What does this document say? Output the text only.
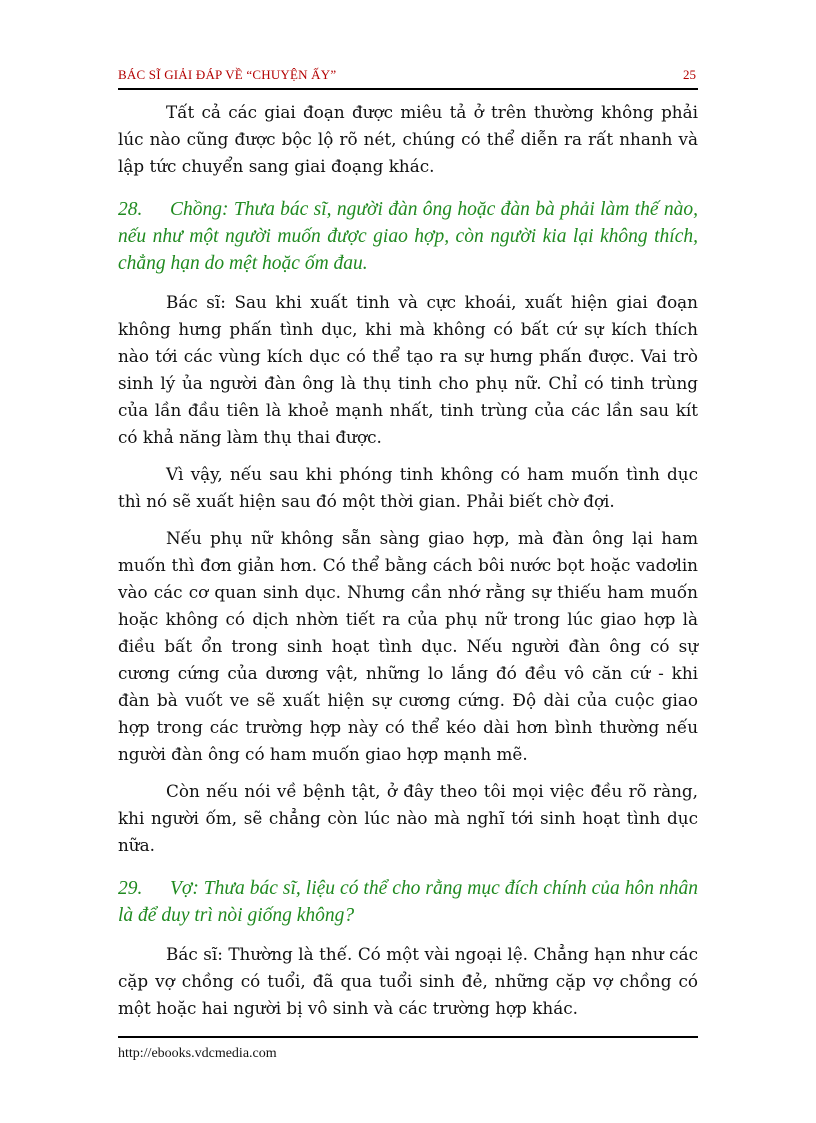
BÁC SĨ GIẢI ĐÁP VỀ “CHUYỆN ẤY”	25

Tất cả các giai đoạn được miêu tả ở trên thường không phải lúc nào cũng được bộc lộ rõ nét, chúng có thể diễn ra rất nhanh và lập tức chuyển sang giai đoạng khác.

28. Chồng: Thưa bác sĩ, người đàn ông hoặc đàn bà phải làm thế nào, nếu như một người muốn được giao hợp, còn người kia lại không thích, chẳng hạn do mệt hoặc ốm đau.

Bác sĩ: Sau khi xuất tinh và cực khoái, xuất hiện giai đoạn không hưng phấn tình dục, khi mà không có bất cứ sự kích thích nào tới các vùng kích dục có thể tạo ra sự hưng phấn được. Vai trò sinh lý ủa người đàn ông là thụ tinh cho phụ nữ. Chỉ có tinh trùng của lần đầu tiên là khoẻ mạnh nhất, tinh trùng của các lần sau kít có khả năng làm thụ thai được.

Vì vậy, nếu sau khi phóng tinh không có ham muốn tình dục thì nó sẽ xuất hiện sau đó một thời gian. Phải biết chờ đợi.

Nếu phụ nữ không sẵn sàng giao hợp, mà đàn ông lại ham muốn thì đơn giản hơn. Có thể bằng cách bôi nước bọt hoặc vadơlin vào các cơ quan sinh dục. Nhưng cần nhớ rằng sự thiếu ham muốn hoặc không có dịch nhờn tiết ra của phụ nữ trong lúc giao hợp là điều bất ổn trong sinh hoạt tình dục. Nếu người đàn ông có sự cương cứng của dương vật, những lo lắng đó đều vô căn cứ - khi đàn bà vuốt ve sẽ xuất hiện sự cương cứng. Độ dài của cuộc giao hợp trong các trường hợp này có thể kéo dài hơn bình thường nếu người đàn ông có ham muốn giao hợp mạnh mẽ.

Còn nếu nói về bệnh tật, ở đây theo tôi mọi việc đều rõ ràng, khi người ốm, sẽ chẳng còn lúc nào mà nghĩ tới sinh hoạt tình dục nữa.

29. Vợ: Thưa bác sĩ, liệu có thể cho rằng mục đích chính của hôn nhân là để duy trì nòi giống không?

Bác sĩ: Thường là thế. Có một vài ngoại lệ. Chẳng hạn như các cặp vợ chồng có tuổi, đã qua tuổi sinh đẻ, những cặp vợ chồng có một hoặc hai người bị vô sinh và các trường hợp khác.

http://ebooks.vdcmedia.com
